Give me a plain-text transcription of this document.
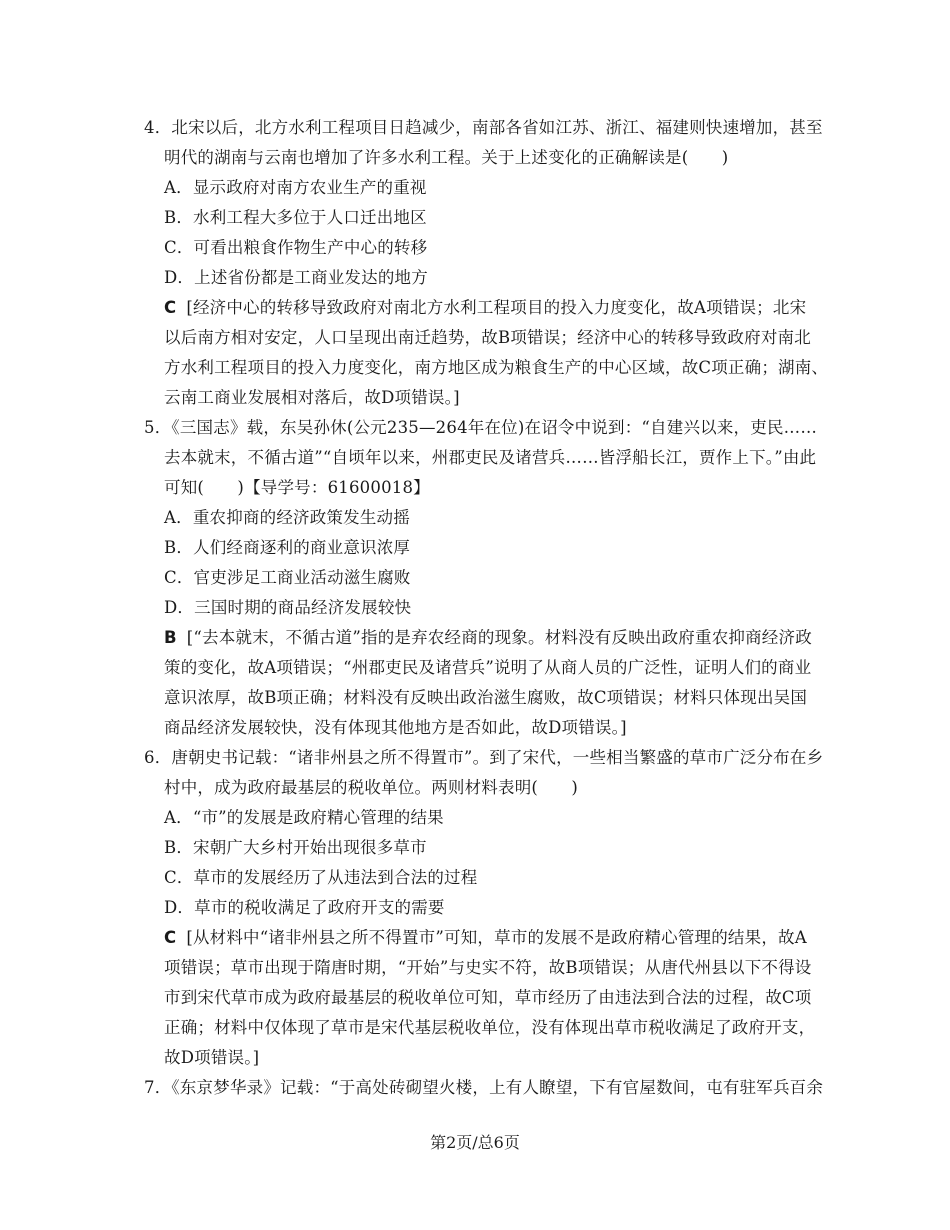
4．北宋以后，北方水利工程项目日趋减少，南部各省如江苏、浙江、福建则快速增加，甚至
明代的湖南与云南也增加了许多水利工程。关于上述变化的正确解读是(　　)
A．显示政府对南方农业生产的重视
B．水利工程大多位于人口迁出地区
C．可看出粮食作物生产中心的转移
D．上述省份都是工商业发达的地方
C [经济中心的转移导致政府对南北方水利工程项目的投入力度变化，故A项错误；北宋
以后南方相对安定，人口呈现出南迁趋势，故B项错误；经济中心的转移导致政府对南北
方水利工程项目的投入力度变化，南方地区成为粮食生产的中心区域，故C项正确；湖南、
云南工商业发展相对落后，故D项错误。]
5．《三国志》载，东吴孙休(公元235—264年在位)在诏令中说到：“自建兴以来，吏民……
去本就末，不循古道”“自顷年以来，州郡吏民及诸营兵……皆浮船长江，贾作上下。”由此
可知(　　)【导学号：61600018】
A．重农抑商的经济政策发生动摇
B．人们经商逐利的商业意识浓厚
C．官吏涉足工商业活动滋生腐败
D．三国时期的商品经济发展较快
B [“去本就末，不循古道”指的是弃农经商的现象。材料没有反映出政府重农抑商经济政
策的变化，故A项错误；“州郡吏民及诸营兵”说明了从商人员的广泛性，证明人们的商业
意识浓厚，故B项正确；材料没有反映出政治滋生腐败，故C项错误；材料只体现出吴国
商品经济发展较快，没有体现其他地方是否如此，故D项错误。]
6．唐朝史书记载：“诸非州县之所不得置市”。到了宋代，一些相当繁盛的草市广泛分布在乡
村中，成为政府最基层的税收单位。两则材料表明(　　)
A．“市”的发展是政府精心管理的结果
B．宋朝广大乡村开始出现很多草市
C．草市的发展经历了从违法到合法的过程
D．草市的税收满足了政府开支的需要
C [从材料中“诸非州县之所不得置市”可知，草市的发展不是政府精心管理的结果，故A
项错误；草市出现于隋唐时期，“开始”与史实不符，故B项错误；从唐代州县以下不得设
市到宋代草市成为政府最基层的税收单位可知，草市经历了由违法到合法的过程，故C项
正确；材料中仅体现了草市是宋代基层税收单位，没有体现出草市税收满足了政府开支，
故D项错误。]
7．《东京梦华录》记载：“于高处砖砌望火楼，上有人瞭望，下有官屋数间，屯有驻军兵百余
第2页/总6页
